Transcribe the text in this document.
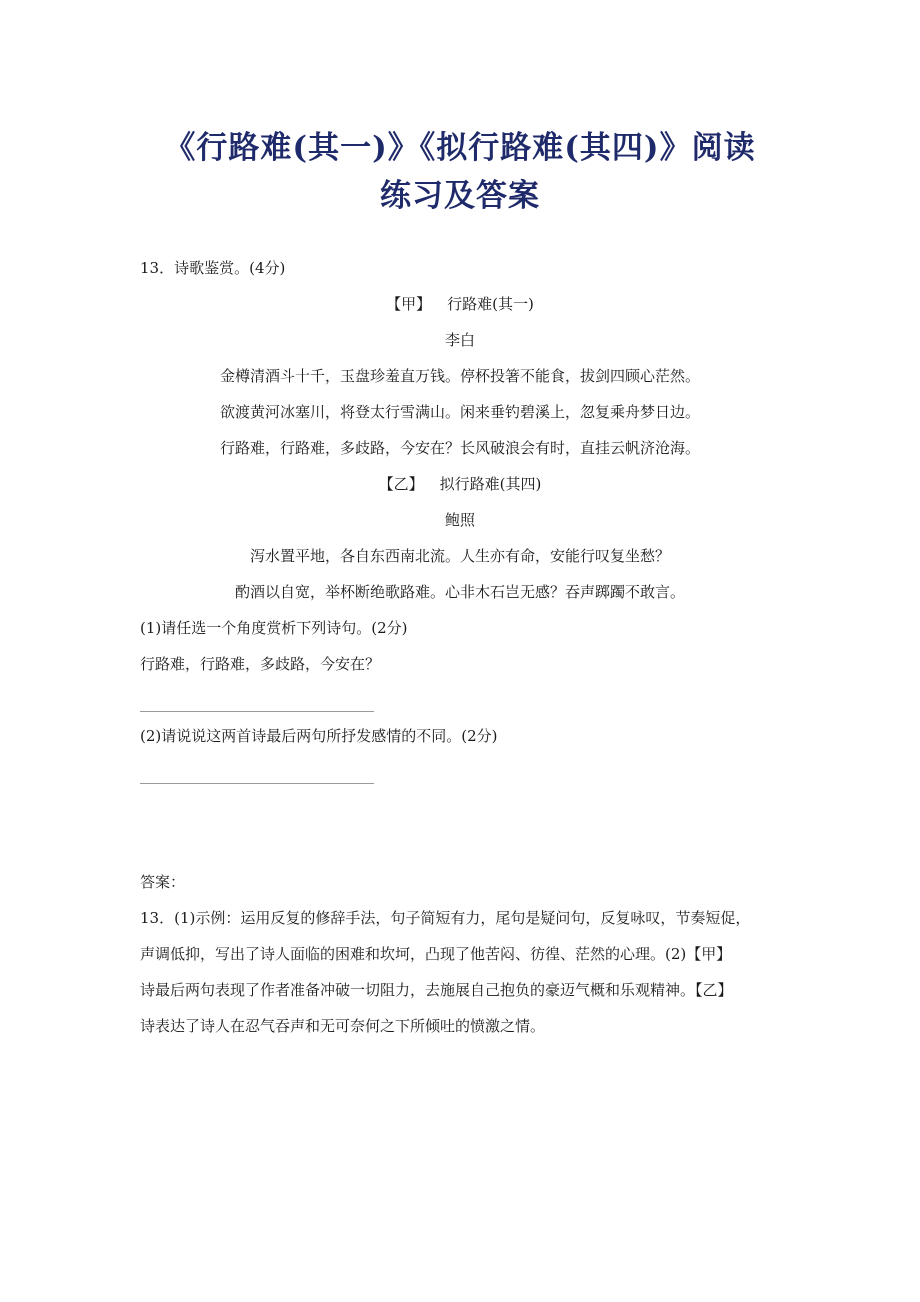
《行路难(其一)》《拟行路难(其四)》阅读
练习及答案
13．诗歌鉴赏。(4分)
【甲】 行路难(其一)
李白
金樽清酒斗十千，玉盘珍羞直万钱。停杯投箸不能食，拔剑四顾心茫然。
欲渡黄河冰塞川，将登太行雪满山。闲来垂钓碧溪上，忽复乘舟梦日边。
行路难，行路难，多歧路，今安在？长风破浪会有时，直挂云帆济沧海。
【乙】 拟行路难(其四)
鲍照
泻水置平地，各自东西南北流。人生亦有命，安能行叹复坐愁？
酌酒以自宽，举杯断绝歌路难。心非木石岂无感？吞声踯躅不敢言。
(1)请任选一个角度赏析下列诗句。(2分)
行路难，行路难，多歧路，今安在？
(2)请说说这两首诗最后两句所抒发感情的不同。(2分)
答案：
13．(1)示例：运用反复的修辞手法，句子简短有力，尾句是疑问句，反复咏叹，节奏短促，
声调低抑，写出了诗人面临的困难和坎坷，凸现了他苦闷、彷徨、茫然的心理。(2)【甲】
诗最后两句表现了作者准备冲破一切阻力，去施展自己抱负的豪迈气概和乐观精神。【乙】
诗表达了诗人在忍气吞声和无可奈何之下所倾吐的愤激之情。
